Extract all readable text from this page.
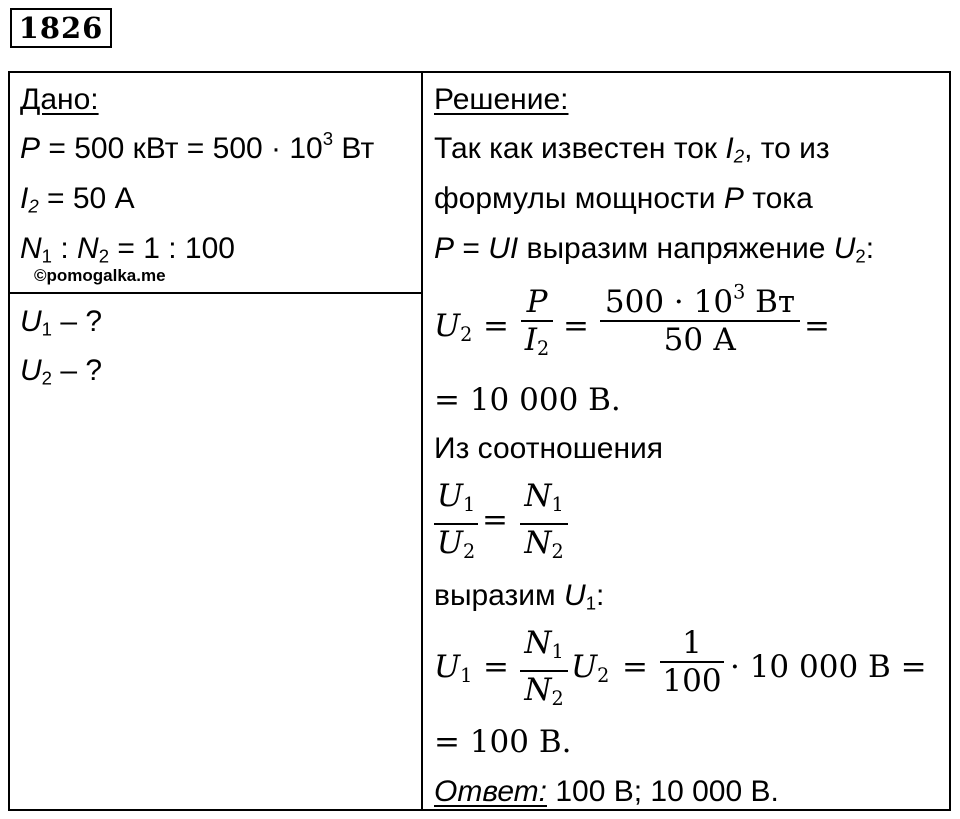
1826
Дано:
P = 500 кВт = $500 \cdot 10^3$ Вт
$I_2 = 50$ А
$N_1$ : $N_2 = 1$ : 100
©pomogalka.me
$U_1$ – ?
$U_2$ – ?
Решение:
Так как известен ток $I_2$, то из
формулы мощности P тока
P = UI выразим напряжение $U_2$:
$U_2$ =
P
$I_2$
=
$500 \cdot 10^3$ Вт
50 А	=
= 10 000 В.
Из соотношения
$U_1$
$U_2$
=
$N_1$
$N_2$
выразим $U_1$:
$U_1$ =
$N_1$
$N_2$
$U_2$ =
1
100 · 10 000 В =
= 100 В.
Ответ: 100 В; 10 000 В.
